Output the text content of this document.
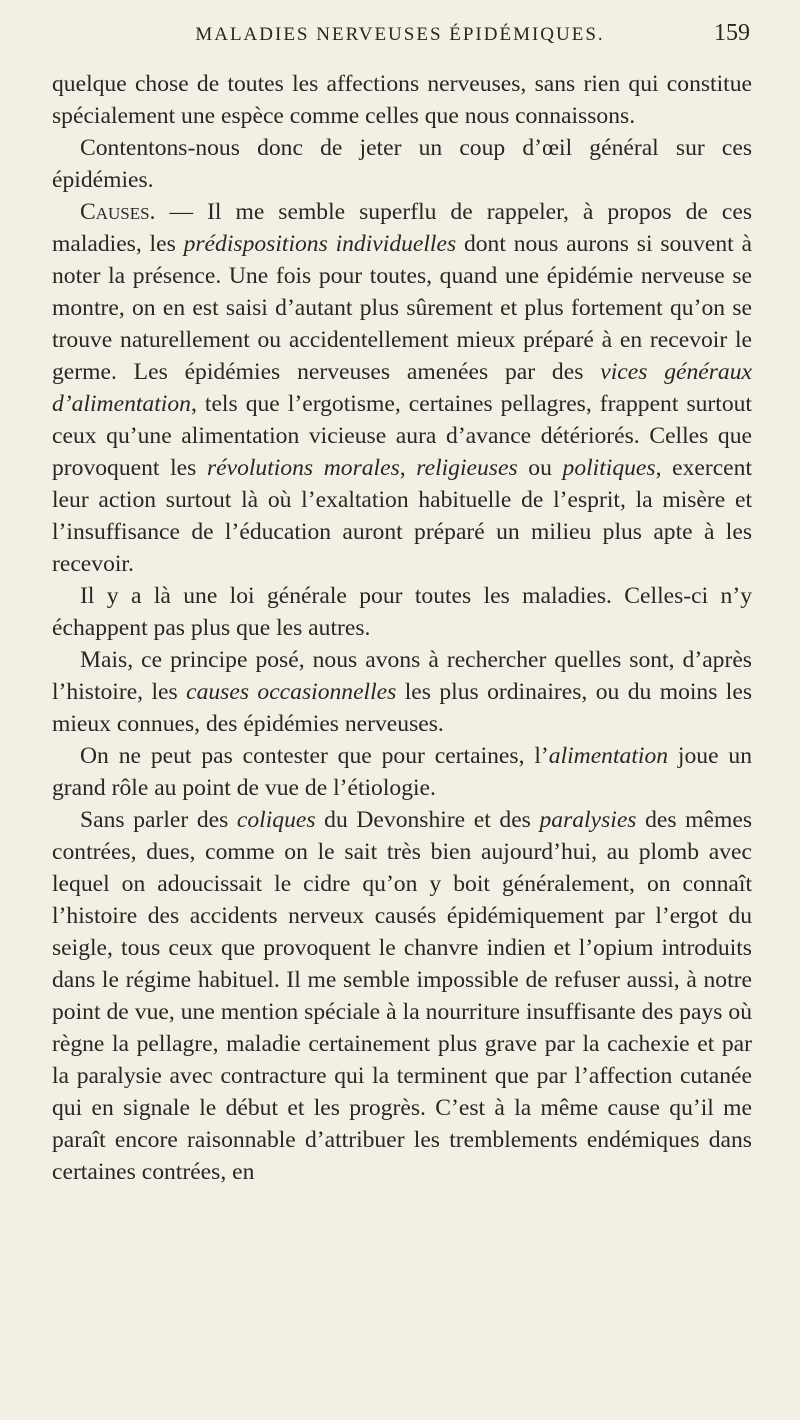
MALADIES NERVEUSES ÉPIDÉMIQUES.	159

quelque chose de toutes les affections nerveuses, sans rien qui constitue spécialement une espèce comme celles que nous connaissons.

Contentons-nous donc de jeter un coup d’œil général sur ces épidémies.

Causes. — Il me semble superflu de rappeler, à propos de ces maladies, les prédispositions individuelles dont nous aurons si souvent à noter la présence. Une fois pour toutes, quand une épidémie nerveuse se montre, on en est saisi d’autant plus sûrement et plus fortement qu’on se trouve naturellement ou accidentellement mieux préparé à en recevoir le germe. Les épidémies nerveuses amenées par des vices généraux d’alimentation, tels que l’ergotisme, certaines pellagres, frappent surtout ceux qu’une alimentation vicieuse aura d’avance détériorés. Celles que provoquent les révolutions morales, religieuses ou politiques, exercent leur action surtout là où l’exaltation habituelle de l’esprit, la misère et l’insuffisance de l’éducation auront préparé un milieu plus apte à les recevoir.

Il y a là une loi générale pour toutes les maladies. Celles-ci n’y échappent pas plus que les autres.

Mais, ce principe posé, nous avons à rechercher quelles sont, d’après l’histoire, les causes occasionnelles les plus ordinaires, ou du moins les mieux connues, des épidémies nerveuses.

On ne peut pas contester que pour certaines, l’alimentation joue un grand rôle au point de vue de l’étiologie.

Sans parler des coliques du Devonshire et des paralysies des mêmes contrées, dues, comme on le sait très bien aujourd’hui, au plomb avec lequel on adoucissait le cidre qu’on y boit généralement, on connaît l’histoire des accidents nerveux causés épidémiquement par l’ergot du seigle, tous ceux que provoquent le chanvre indien et l’opium introduits dans le régime habituel. Il me semble impossible de refuser aussi, à notre point de vue, une mention spéciale à la nourriture insuffisante des pays où règne la pellagre, maladie certainement plus grave par la cachexie et par la paralysie avec contracture qui la terminent que par l’affection cutanée qui en signale le début et les progrès. C’est à la même cause qu’il me paraît encore raisonnable d’attribuer les tremblements endémiques dans certaines contrées, en
